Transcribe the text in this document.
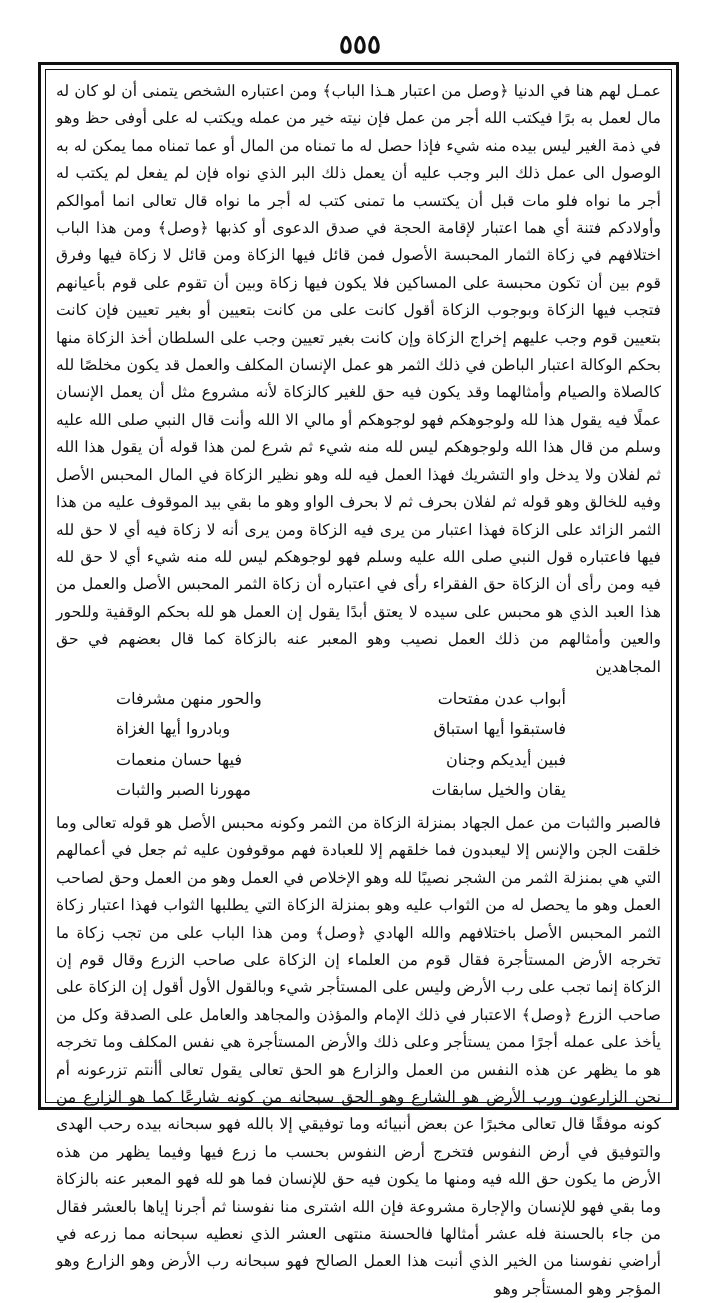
٥٥٥

عمـل لهم هنا في الدنيا ﴿وصل من اعتبار هـذا الباب﴾ ومن اعتباره الشخص يتمنى أن لو كان له مال لعمل به برًا فيكتب الله أجر من عمل فإن نيته خير من عمله ويكتب له على أوفى حظ وهو في ذمة الغير ليس بيده منه شيء فإذا حصل له ما تمناه من المال أو عما تمناه مما يمكن له به الوصول الى عمل ذلك البر وجب عليه أن يعمل ذلك البر الذي نواه فإن لم يفعل لم يكتب له أجر ما نواه فلو مات قبل أن يكتسب ما تمنى كتب له أجر ما نواه قال تعالى انما أموالكم وأولادكم فتنة أي هما اعتبار لإقامة الحجة في صدق الدعوى أو كذبها ﴿وصل﴾ ومن هذا الباب اختلافهم في زكاة الثمار المحبسة الأصول فمن قائل فيها الزكاة ومن قائل لا زكاة فيها وفرق قوم بين أن تكون محبسة على المساكين فلا يكون فيها زكاة وبين أن تقوم على قوم بأعيانهم فتجب فيها الزكاة وبوجوب الزكاة أقول كانت على من كانت بتعيين أو بغير تعيين فإن كانت بتعيين قوم وجب عليهم إخراج الزكاة وإن كانت بغير تعيين وجب على السلطان أخذ الزكاة منها بحكم الوكالة اعتبار الباطن في ذلك الثمر هو عمل الإنسان المكلف والعمل قد يكون مخلصًا لله كالصلاة والصيام وأمثالهما وقد يكون فيه حق للغير كالزكاة لأنه مشروع مثل أن يعمل الإنسان عملًا فيه يقول هذا لله ولوجوهكم فهو لوجوهكم أو مالي الا الله وأنت قال النبي صلى الله عليه وسلم من قال هذا الله ولوجوهكم ليس لله منه شيء ثم شرع لمن هذا قوله أن يقول هذا الله ثم لفلان ولا يدخل واو التشريك فهذا العمل فيه لله وهو نظير الزكاة في المال المحبس الأصل وفيه للخالق وهو قوله ثم لفلان بحرف ثم لا بحرف الواو وهو ما بقي بيد الموقوف عليه من هذا الثمر الزائد على الزكاة فهذا اعتبار من يرى فيه الزكاة ومن يرى أنه لا زكاة فيه أي لا حق لله فيها فاعتباره قول النبي صلى الله عليه وسلم فهو لوجوهكم ليس لله منه شيء أي لا حق لله فيه ومن رأى أن الزكاة حق الفقراء رأى في اعتباره أن زكاة الثمر المحبس الأصل والعمل من هذا العبد الذي هو محبس على سيده لا يعتق أبدًا يقول إن العمل هو لله بحكم الوقفية وللحور والعين وأمثالهم من ذلك العمل نصيب وهو المعبر عنه بالزكاة كما قال بعضهم في حق المجاهدين

أبواب عدن مفتحات
والحور منهن مشرفات
فاستبقوا أيها استباق
وبادروا أيها الغزاة
فبين أيديكم وجنان
فيها حسان منعمات
يقان والخيل سابقات
مهورنا الصبر والثبات

فالصبر والثبات من عمل الجهاد بمنزلة الزكاة من الثمر وكونه محبس الأصل هو قوله تعالى وما خلقت الجن والإنس إلا ليعبدون فما خلقهم إلا للعبادة فهم موقوفون عليه ثم جعل في أعمالهم التي هي بمنزلة الثمر من الشجر نصيبًا لله وهو الإخلاص في العمل وهو من العمل وحق لصاحب العمل وهو ما يحصل له من الثواب عليه وهو بمنزلة الزكاة التي يطلبها الثواب فهذا اعتبار زكاة الثمر المحبس الأصل باختلافهم والله الهادي ﴿وصل﴾ ومن هذا الباب على من تجب زكاة ما تخرجه الأرض المستأجرة فقال قوم من العلماء إن الزكاة على صاحب الزرع وقال قوم إن الزكاة إنما تجب على رب الأرض وليس على المستأجر شيء وبالقول الأول أقول إن الزكاة على صاحب الزرع ﴿وصل﴾ الاعتبار في ذلك الإمام والمؤذن والمجاهد والعامل على الصدقة وكل من يأخذ على عمله أجرًا ممن يستأجر وعلى ذلك والأرض المستأجرة هي نفس المكلف وما تخرجه هو ما يظهر عن هذه النفس من العمل والزارع هو الحق تعالى يقول تعالى أأنتم تزرعونه أم نحن الزارعون ورب الأرض هو الشارع وهو الحق سبحانه من كونه شارعًا كما هو الزارع من كونه موفقًا قال تعالى مخبرًا عن بعض أنبيائه وما توفيقي إلا بالله فهو سبحانه بيده رحب الهدى والتوفيق في أرض النفوس فتخرج أرض النفوس بحسب ما زرع فيها وفيما يظهر من هذه الأرض ما يكون حق الله فيه ومنها ما يكون فيه حق للإنسان فما هو لله فهو المعبر عنه بالزكاة وما بقي فهو للإنسان والإجارة مشروعة فإن الله اشترى منا نفوسنا ثم أجرنا إياها بالعشر فقال من جاء بالحسنة فله عشر أمثالها فالحسنة منتهى العشر الذي نعطيه سبحانه مما زرعه في أراضي نفوسنا من الخير الذي أنبت هذا العمل الصالح فهو سبحانه رب الأرض وهو الزارع وهو المؤجر وهو المستأجر وهو
